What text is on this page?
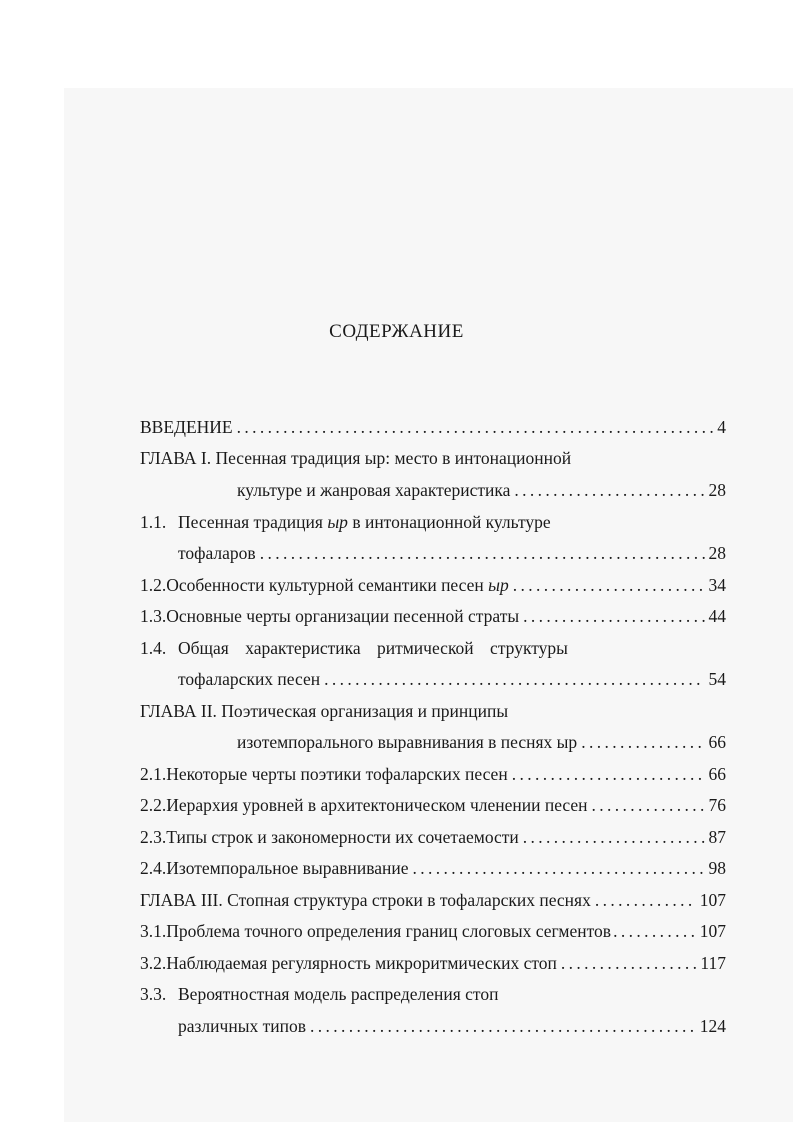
СОДЕРЖАНИЕ
ВВЕДЕНИЕ . . .	4
ГЛАВА I. Песенная традиция ыр: место в интонационной
культуре и жанровая характеристика . . .	28
1.1. Песенная традиция ыр в интонационной культуре
тофаларов . . .	28
1.2. Особенности культурной семантики песен ыр . . .	34
1.3. Основные черты организации песенной страты . . .	44
1.4. Общая характеристика ритмической структуры
тофаларских песен . . .	54
ГЛАВА II. Поэтическая организация и принципы
изотемпорального выравнивания в песнях ыр . . .	66
2.1. Некоторые черты поэтики тофаларских песен . . .	66
2.2. Иерархия уровней в архитектоническом членении песен . . .	76
2.3. Типы строк и закономерности их сочетаемости . . .	87
2.4. Изотемпоральное выравнивание . . .	98
ГЛАВА III. Стопная структура строки в тофаларских песнях . . .	107
3.1. Проблема точного определения границ слоговых сегментов . . .	107
3.2. Наблюдаемая регулярность микроритмических стоп . . .	117
3.3. Вероятностная модель распределения стоп
различных типов . . .	124
